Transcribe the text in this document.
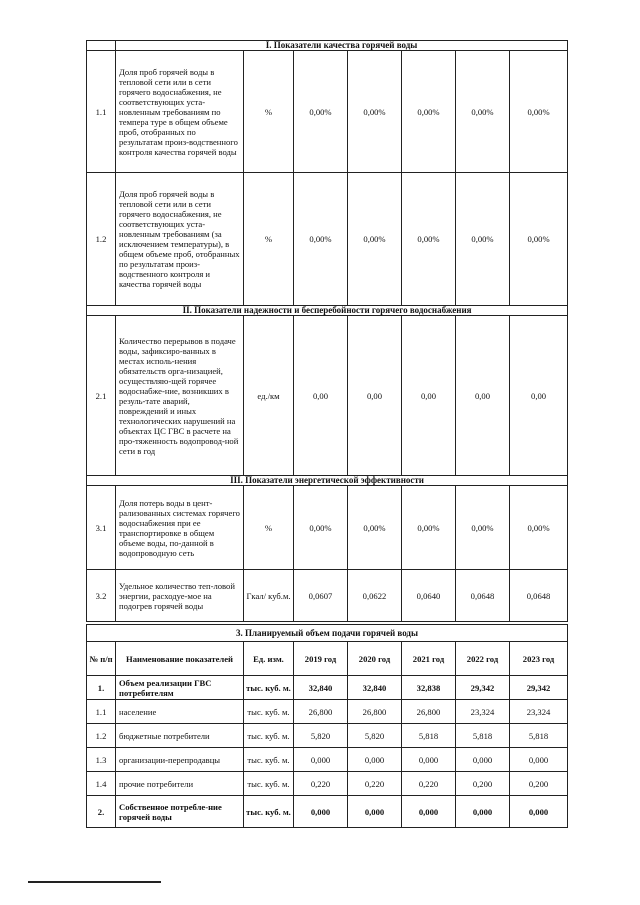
	I. Показатели качества горячей воды						
1.1	Доля проб горячей воды в тепловой сети или в сети горячего водоснабжения, не соответствующих уста-новленным требованиям по темпера туре в общем объеме проб, отобранных по результатам произ-водственного контроля качества горячей воды	%	0,00%	0,00%	0,00%	0,00%	0,00%
1.2	Доля проб горячей воды в тепловой сети или в сети горячего водоснабжения, не соответствующих уста-новленным требованиям (за исключением температуры), в общем объеме проб, отобранных по результатам произ-водственного контроля и качества горячей воды	%	0,00%	0,00%	0,00%	0,00%	0,00%
II. Показатели надежности и бесперебойности горячего водоснабжения							
2.1	Количество перерывов в подаче воды, зафиксиро-ванных в местах исполь-нения обязательств орга-низацией, осуществляю-щей горячее водоснабже-ние, возникших в резуль-тате аварий, повреждений и иных технологических нарушений на объектах ЦС ГВС в расчете на про-тяженность водопровод-ной сети в год	ед./км	0,00	0,00	0,00	0,00	0,00
III. Показатели энергетической эффективности							
3.1	Доля потерь воды в цент-рализованных системах горячего водоснабжения при ее транспортировке в общем объеме воды, по-данной в водопроводную сеть	%	0,00%	0,00%	0,00%	0,00%	0,00%
3.2	Удельное количество теп-ловой энергии, расходуе-мое на подогрев горячей воды	Гкал/ куб.м.	0,0607	0,0622	0,0640	0,0648	0,0648
3. Планируемый объем подачи горячей воды							
№ п/п	Наименование показателей	Ед. изм.	2019 год	2020 год	2021 год	2022 год	2023 год
1.	Объем реализации ГВС потребителям	тыс. куб. м.	32,840	32,840	32,838	29,342	29,342
1.1	население	тыс. куб. м.	26,800	26,800	26,800	23,324	23,324
1.2	бюджетные потребители	тыс. куб. м.	5,820	5,820	5,818	5,818	5,818
1.3	организации-перепродавцы	тыс. куб. м.	0,000	0,000	0,000	0,000	0,000
1.4	прочие потребители	тыс. куб. м.	0,220	0,220	0,220	0,200	0,200
2.	Собственное потребле-ние горячей воды	тыс. куб. м.	0,000	0,000	0,000	0,000	0,000
